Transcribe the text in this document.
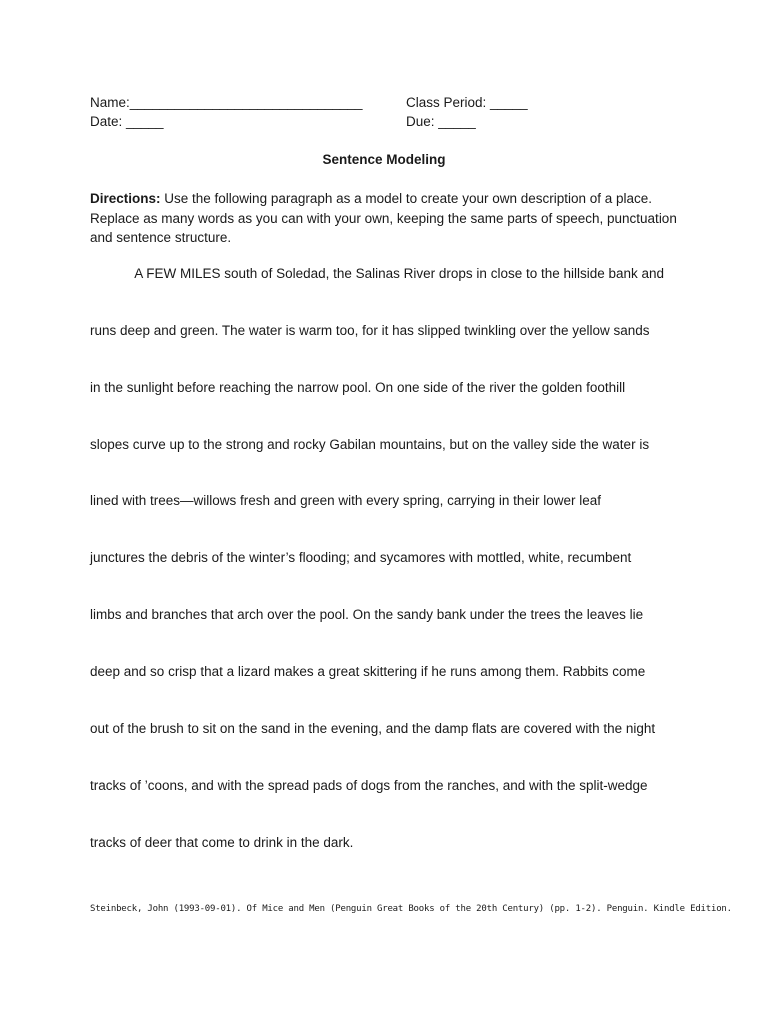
Name:_______________________________	Class Period: _____
Date: _____	Due: _____
Sentence Modeling
Directions: Use the following paragraph as a model to create your own description of a place. Replace as many words as you can with your own, keeping the same parts of speech, punctuation and sentence structure.
A FEW MILES south of Soledad, the Salinas River drops in close to the hillside bank and
runs deep and green. The water is warm too, for it has slipped twinkling over the yellow sands
in the sunlight before reaching the narrow pool. On one side of the river the golden foothill
slopes curve up to the strong and rocky Gabilan mountains, but on the valley side the water is
lined with trees—willows fresh and green with every spring, carrying in their lower leaf
junctures the debris of the winter’s flooding; and sycamores with mottled, white, recumbent
limbs and branches that arch over the pool. On the sandy bank under the trees the leaves lie
deep and so crisp that a lizard makes a great skittering if he runs among them. Rabbits come
out of the brush to sit on the sand in the evening, and the damp flats are covered with the night
tracks of ’coons, and with the spread pads of dogs from the ranches, and with the split-wedge
tracks of deer that come to drink in the dark.
Steinbeck, John (1993-09-01). Of Mice and Men (Penguin Great Books of the 20th Century) (pp. 1-2). Penguin. Kindle Edition.
